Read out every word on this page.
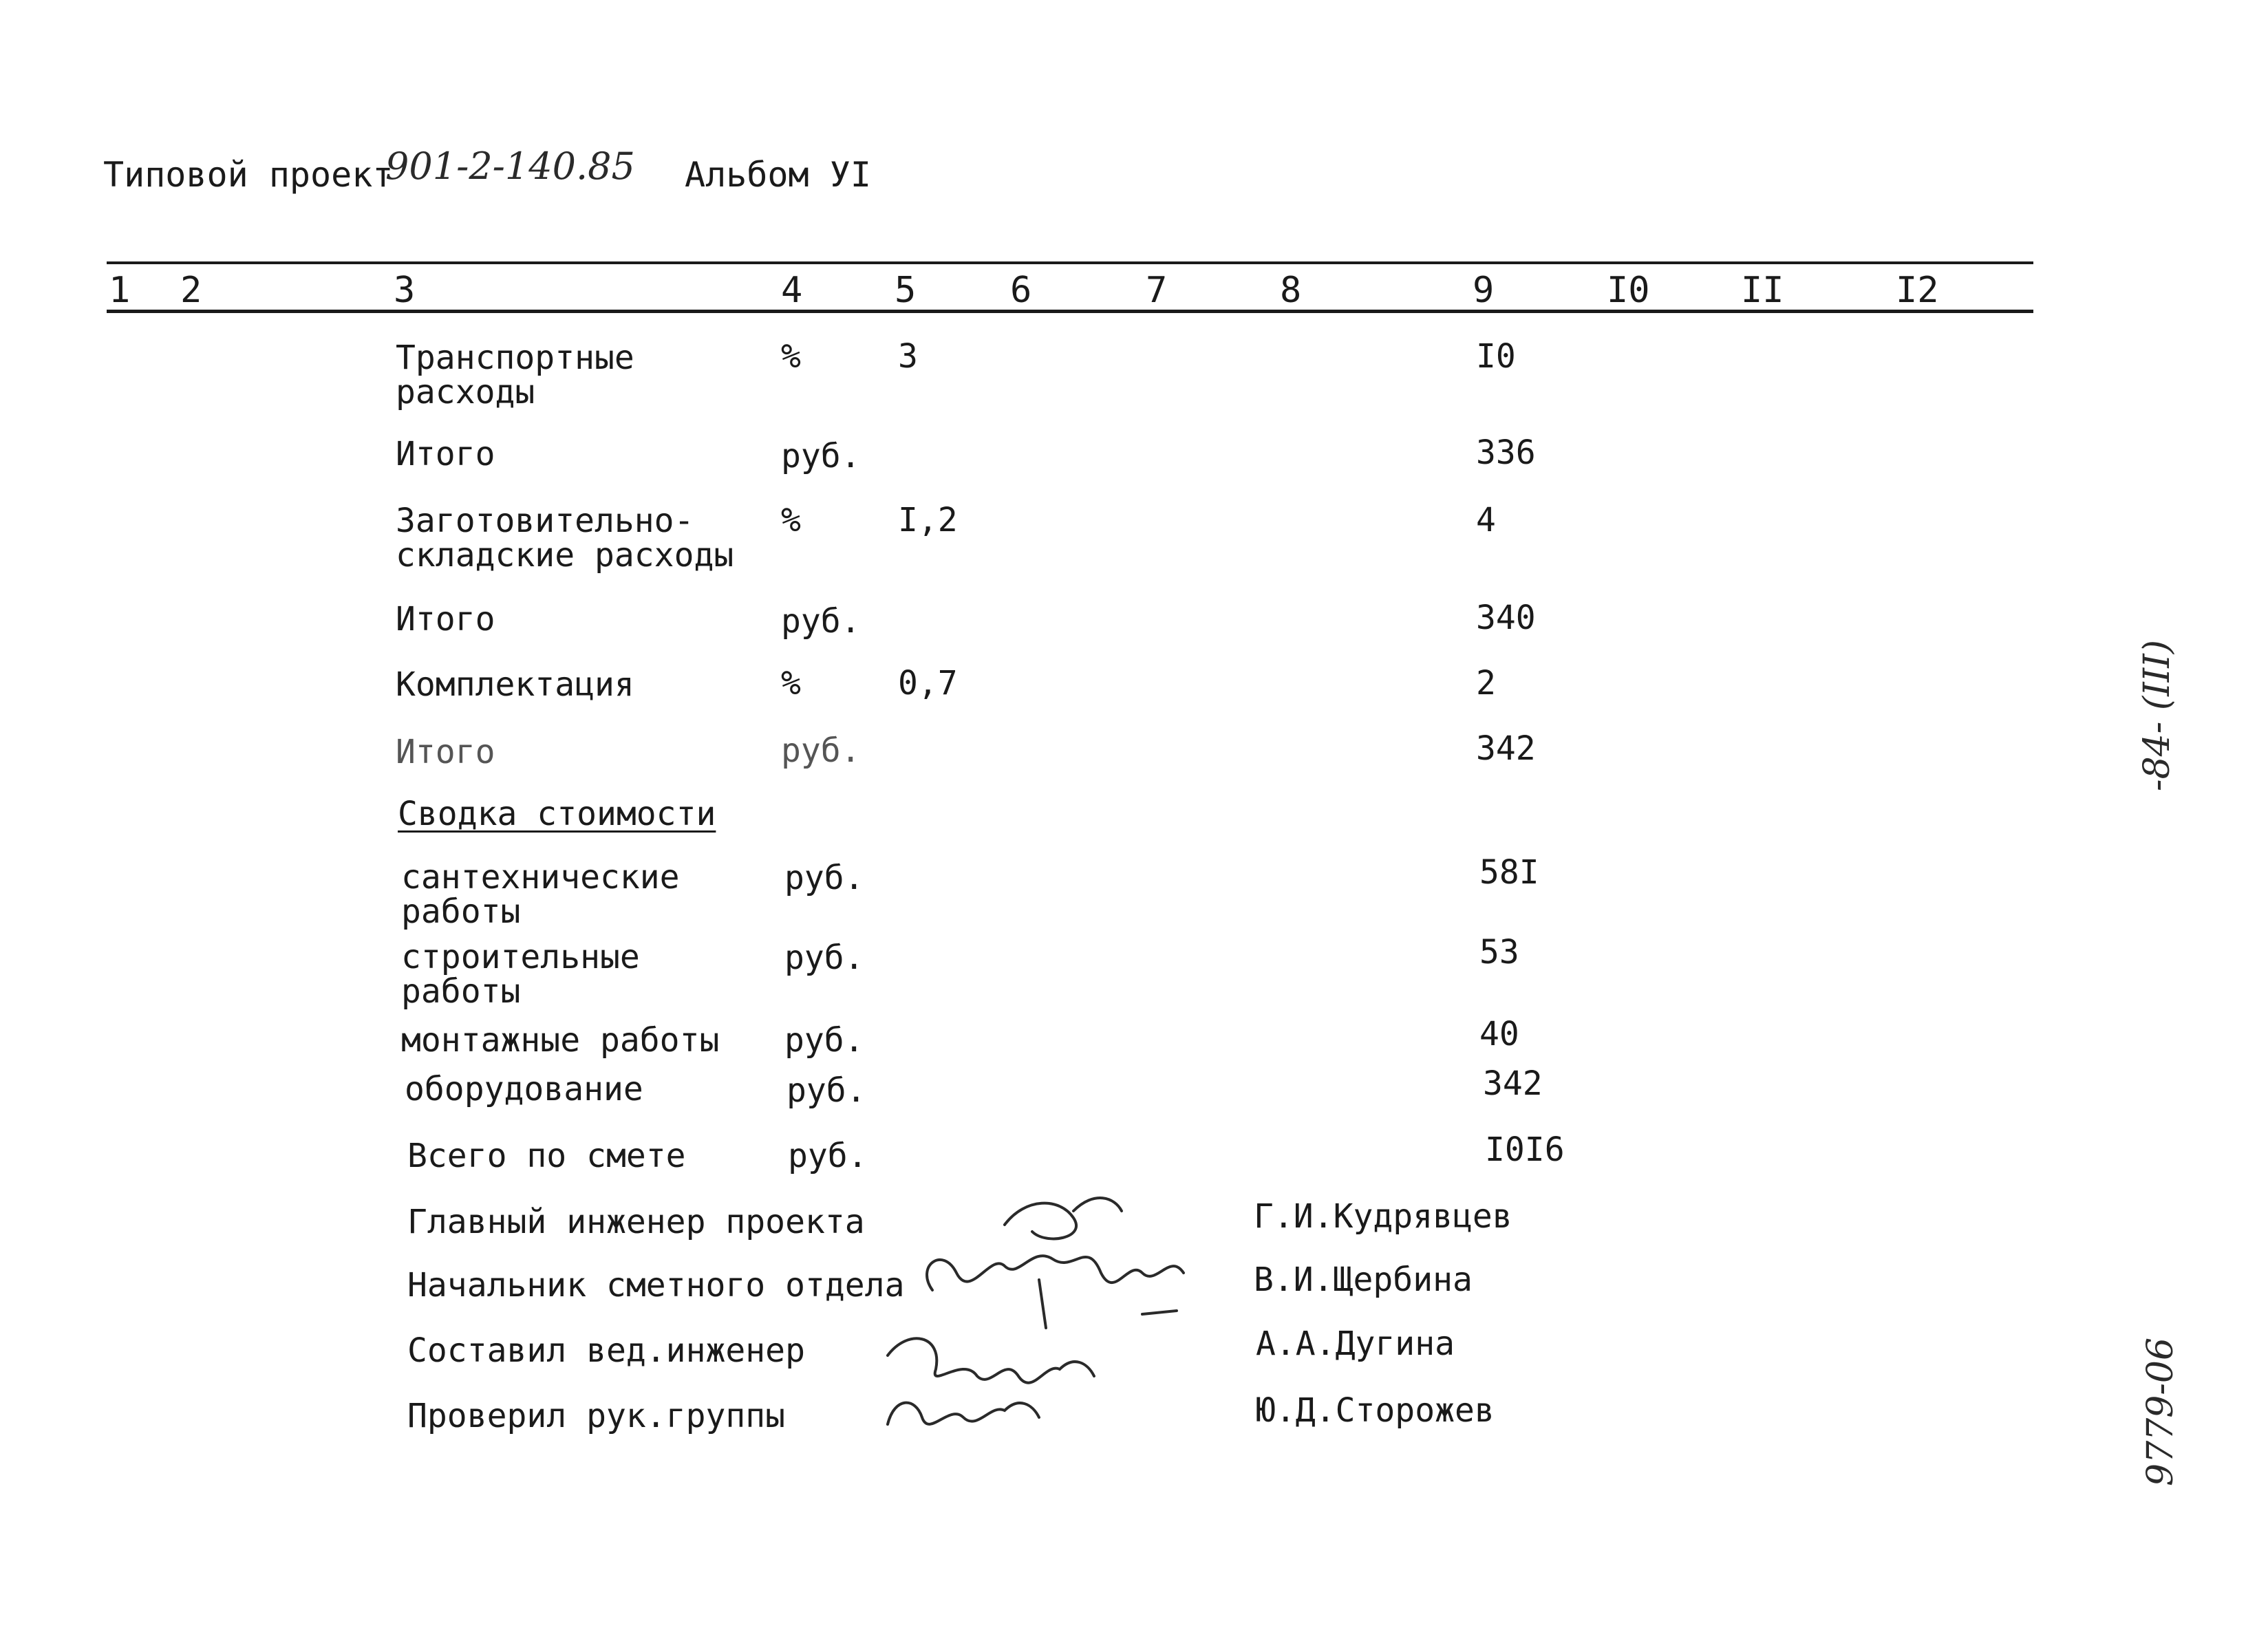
Типовой проект
901-2-140.85 Альбом УI
1 2	3	4	5	6	7	8	9	I0	II	I2
Транспортные
расходы
%	3	I0
Итого	руб.	336
Заготовительно-
складские расходы
%	I,2	4
Итого	руб.	340
Комплектация	%	0,7	2
Итого	руб.	342
Сводка стоимости
сантехнические
работы
руб.	58I
строительные
работы
руб.	53
монтажные работы руб.	40
оборудование	руб.	342
Всего по смете	руб.	I0I6
Главный инженер проекта	Г.И.Кудрявцев
Начальник сметного отдела	В.И.Щербина
Составил вед.инженер	А.А.Дугина
Проверил рук.группы	Ю.Д.Сторожев
-84- (III)
9779-06
